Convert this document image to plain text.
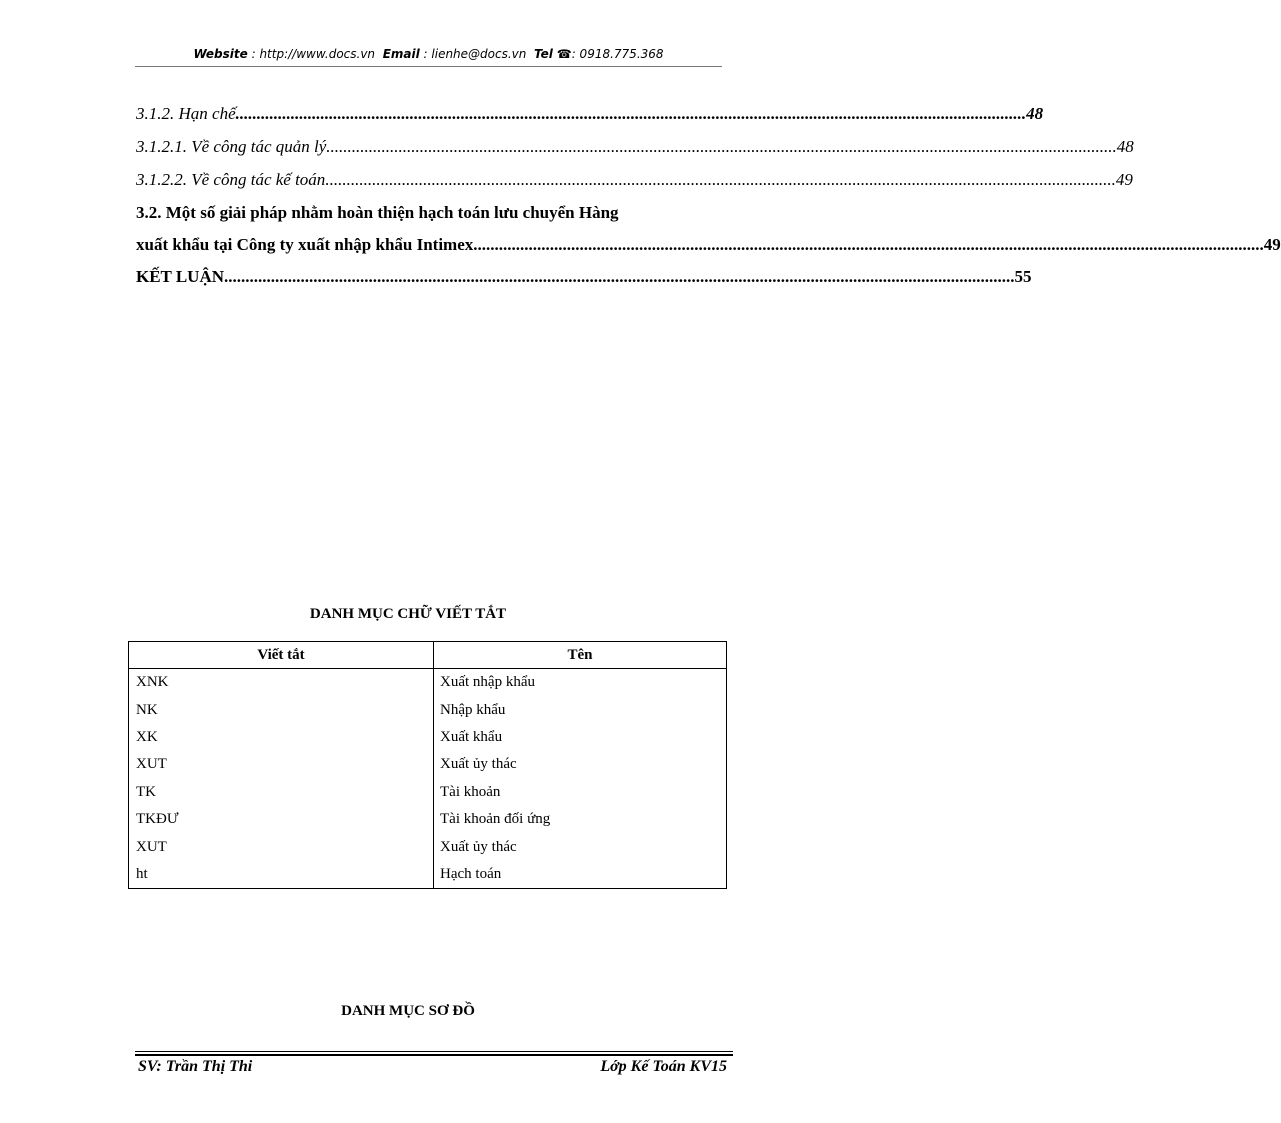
Website : http://www.docs.vn Email : lienhe@docs.vn Tel ☎: 0918.775.368
3.1.2. Hạn chế .......................................................................................................................................................................................... 48
3.1.2.1. Về công tác quản lý .......................................................................................................................................................................................... 48
3.1.2.2. Về công tác kế toán .......................................................................................................................................................................................... 49
3.2. Một số giải pháp nhằm hoàn thiện hạch toán lưu chuyển Hàng
xuất khẩu tại Công ty xuất nhập khẩu Intimex .......................................................................................................................................................................................... 49
KẾT LUẬN .......................................................................................................................................................................................... 55
DANH MỤC CHỮ VIẾT TẮT
Viết tắt	Tên
XNK	Xuất nhập khẩu
NK	Nhập khẩu
XK	Xuất khẩu
XUT	Xuất ủy thác
TK	Tài khoản
TKĐƯ	Tài khoản đối ứng
XUT	Xuất ủy thác
ht	Hạch toán
DANH MỤC SƠ ĐỒ
SV: Trần Thị Thi	Lớp Kế Toán KV15
